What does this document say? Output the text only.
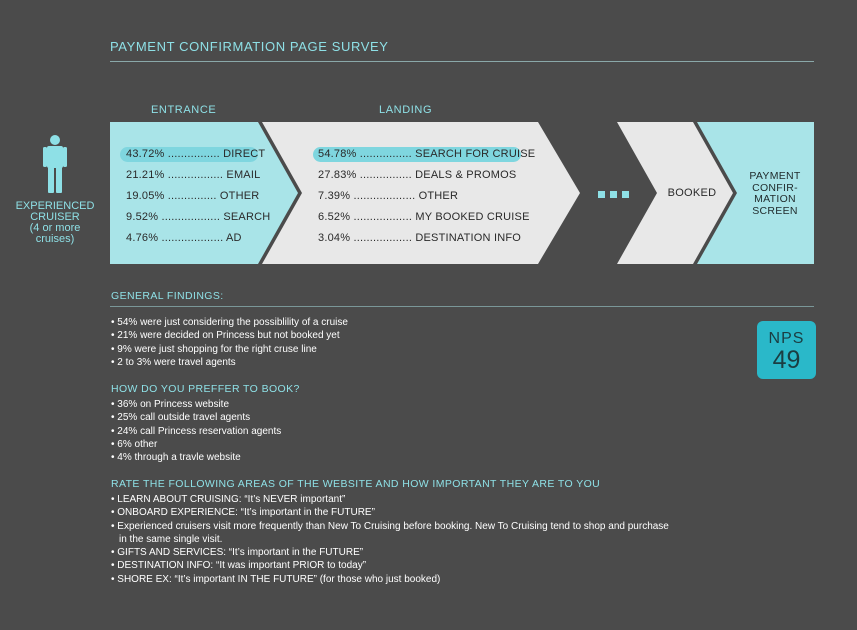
PAYMENT CONFIRMATION PAGE SURVEY
ENTRANCE	LANDING
EXPERIENCED
CRUISER
(4 or more
cruises)
43.72% ................ DIRECT
21.21% ................. EMAIL
19.05% ............... OTHER
9.52% .................. SEARCH
4.76% ................... AD
54.78% ................ SEARCH FOR CRUISE
27.83% ................ DEALS & PROMOS
7.39% ................... OTHER
6.52% .................. MY BOOKED CRUISE
3.04% .................. DESTINATION INFO
BOOKED
PAYMENT
CONFIR-
MATION
SCREEN
GENERAL FINDINGS:
• 54% were just considering the possiblility of a cruise
• 21% were decided on Princess but not booked yet
• 9% were just shopping for the right cruse line
• 2 to 3% were travel agents
NPS
49
HOW DO YOU PREFFER TO BOOK?
• 36% on Princess website
• 25% call outside travel agents
• 24% call Princess reservation agents
• 6% other
• 4% through a travle website
RATE THE FOLLOWING AREAS OF THE WEBSITE AND HOW IMPORTANT THEY ARE TO YOU
• LEARN ABOUT CRUISING: “It’s NEVER important”
• ONBOARD EXPERIENCE: “It’s important in the FUTURE”
• Experienced cruisers visit more frequently than New To Cruising before booking. New To Cruising tend to shop and purchase
in the same single visit.
• GIFTS AND SERVICES: “It’s important in the FUTURE”
• DESTINATION INFO: “It was important PRIOR to today”
• SHORE EX: “It’s important IN THE FUTURE” (for those who just booked)
